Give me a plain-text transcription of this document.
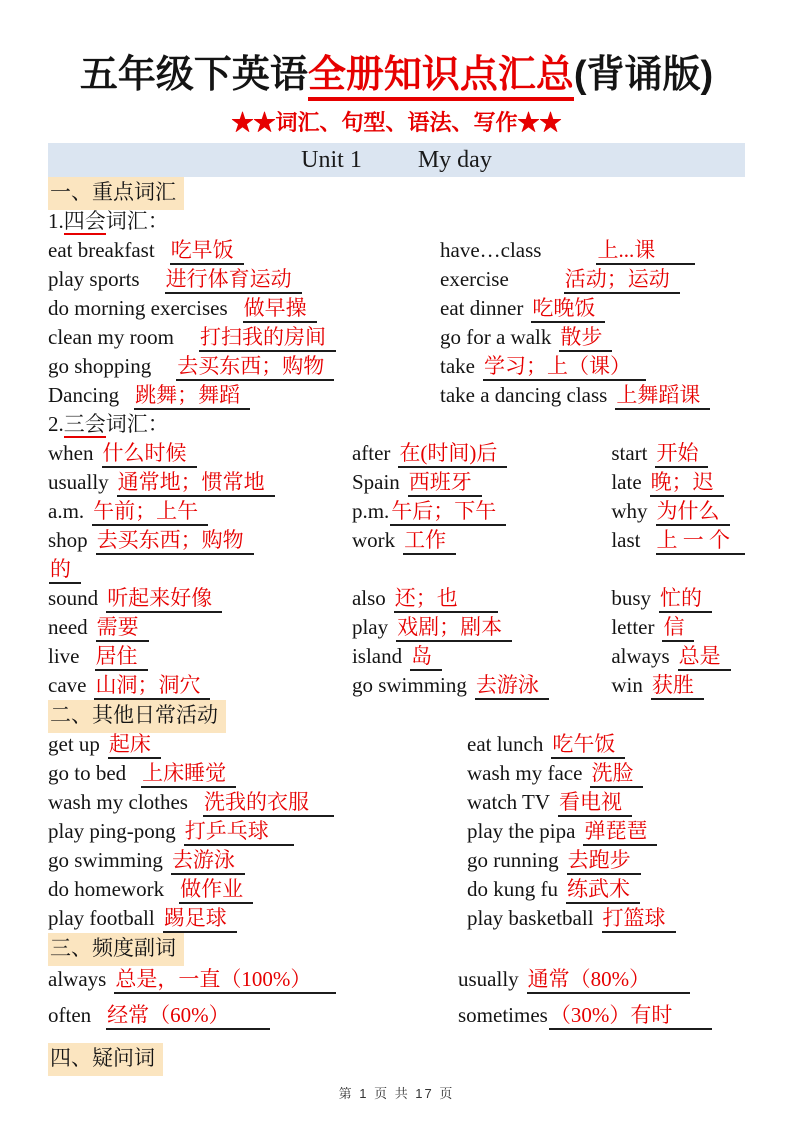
五年级下英语全册知识点汇总(背诵版)
★★词汇、句型、语法、写作★★
Unit 1 My day
一、重点词汇
1.四会词汇：
eat breakfast 吃早饭
play sports 进行体育运动
do morning exercises 做早操
clean my room 打扫我的房间
go shopping 去买东西；购物
Dancing 跳舞；舞蹈
have…class	上...课
exercise	活动；运动
eat dinner 吃晚饭
go for a walk 散步
take 学习；上（课）
take a dancing class 上舞蹈课
2.三会词汇：
when 什么时候
usually 通常地；惯常地
a.m. 午前；上午
shop 去买东西；购物
的
sound 听起来好像
need 需要
live 居住
cave 山洞；洞穴
after 在(时间)后
Spain 西班牙
p.m.午后；下午
work 工作
also 还；也
play 戏剧；剧本
island 岛
go swimming 去游泳
start 开始
late 晚；迟
why 为什么
last 上 一 个
busy 忙的
letter 信
always 总是
win 获胜
二、其他日常活动
get up 起床
go to bed 上床睡觉
wash my clothes 洗我的衣服
play ping-pong 打乒乓球
go swimming 去游泳
do homework 做作业
play football 踢足球
eat lunch 吃午饭
wash my face 洗脸
watch TV 看电视
play the pipa 弹琵琶
go running 去跑步
do kung fu 练武术
play basketball 打篮球
三、频度副词
always 总是，一直（100%）
often 经常（60%）
usually 通常（80%）
sometimes（30%）有时
四、疑问词
第 1 页 共 17 页
